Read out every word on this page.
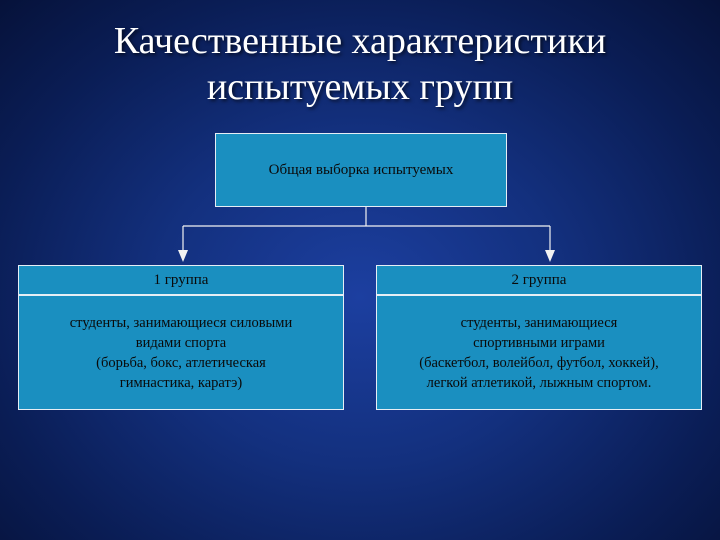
Качественные характеристики
испытуемых групп
Общая выборка испытуемых
1 группа
студенты, занимающиеся силовыми
видами спорта
(борьба, бокс, атлетическая
гимнастика, каратэ)
2 группа
студенты, занимающиеся
спортивными играми
(баскетбол, волейбол, футбол, хоккей),
легкой атлетикой, лыжным спортом.
